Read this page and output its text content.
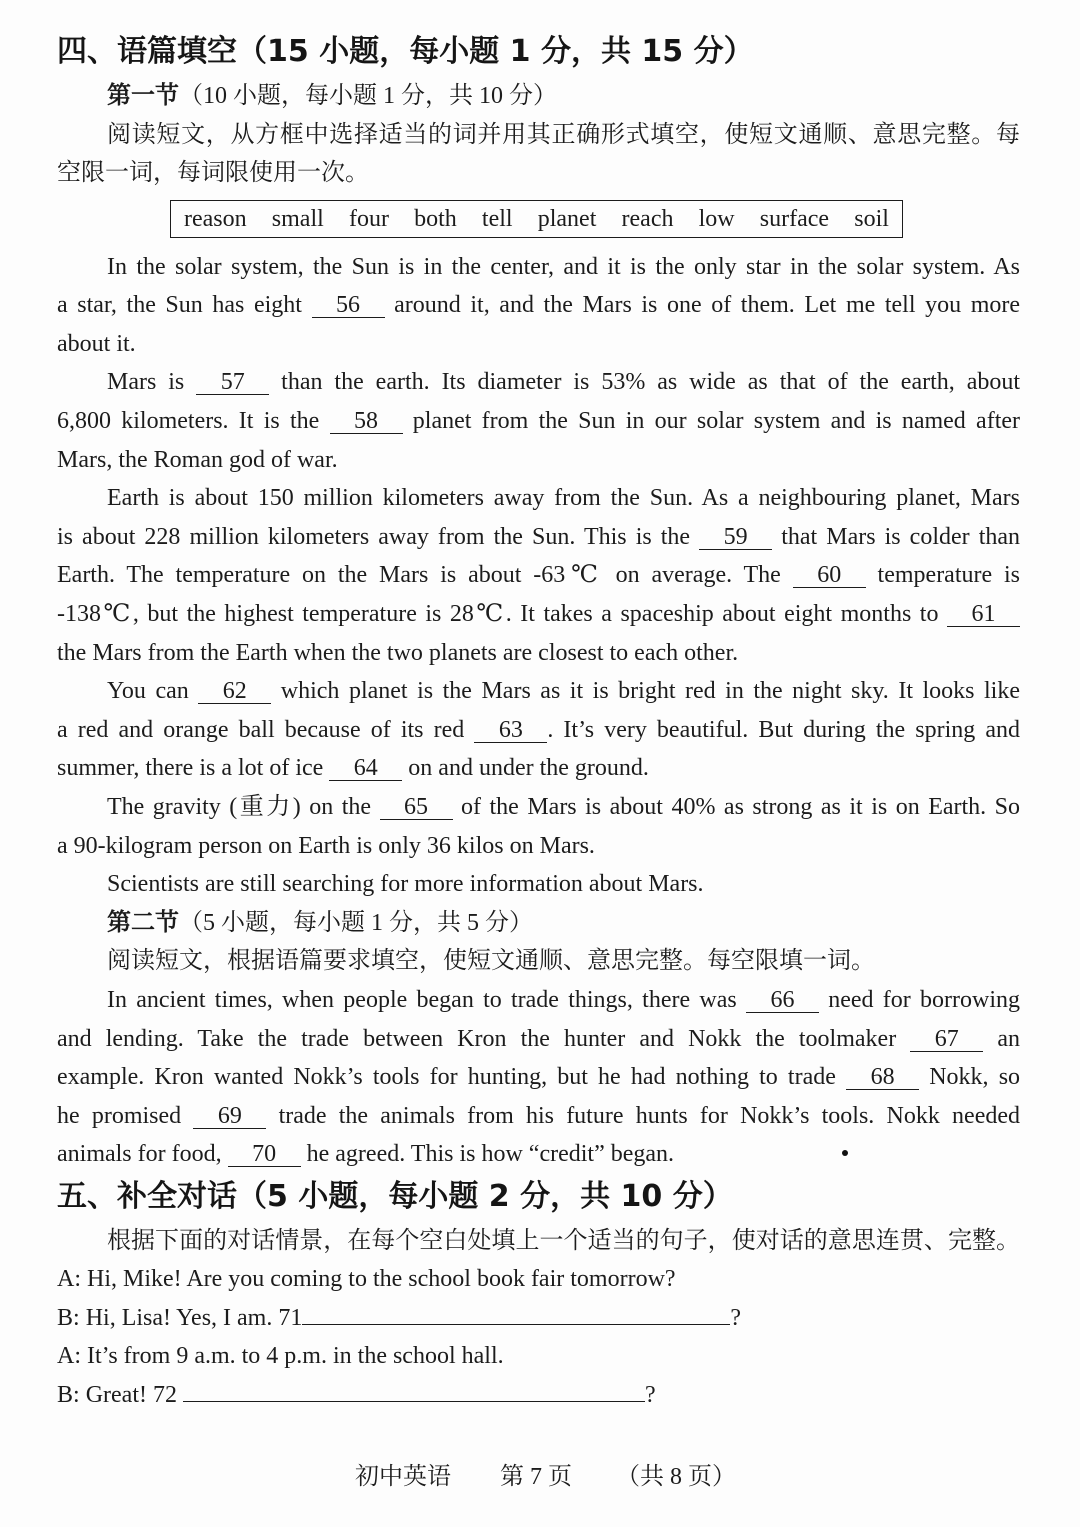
四、语篇填空（15 小题，每小题 1 分，共 15 分）
第一节（10 小题，每小题 1 分，共 10 分）
阅读短文，从方框中选择适当的词并用其正确形式填空，使短文通顺、意思完整。每
空限一词，每词限使用一次。
reason small four both tell planet reach low surface soil
In the solar system, the Sun is in the center, and it is the only star in the solar system. As
a star, the Sun has eight 56 around it, and the Mars is one of them. Let me tell you more
about it.
Mars is 57 than the earth. Its diameter is 53% as wide as that of the earth, about
6,800 kilometers. It is the 58 planet from the Sun in our solar system and is named after
Mars, the Roman god of war.
Earth is about 150 million kilometers away from the Sun. As a neighbouring planet, Mars
is about 228 million kilometers away from the Sun. This is the 59 that Mars is colder than
Earth. The temperature on the Mars is about -63℃ on average. The 60 temperature is
-138℃, but the highest temperature is 28℃. It takes a spaceship about eight months to 61
the Mars from the Earth when the two planets are closest to each other.
You can 62 which planet is the Mars as it is bright red in the night sky. It looks like
a red and orange ball because of its red 63 . It’s very beautiful. But during the spring and
summer, there is a lot of ice 64 on and under the ground.
The gravity (重力) on the 65 of the Mars is about 40% as strong as it is on Earth. So
a 90-kilogram person on Earth is only 36 kilos on Mars.
Scientists are still searching for more information about Mars.
第二节（5 小题，每小题 1 分，共 5 分）
阅读短文，根据语篇要求填空，使短文通顺、意思完整。每空限填一词。
In ancient times, when people began to trade things, there was 66 need for borrowing
and lending. Take the trade between Kron the hunter and Nokk the toolmaker 67 an
example. Kron wanted Nokk’s tools for hunting, but he had nothing to trade 68 Nokk, so
he promised 69 trade the animals from his future hunts for Nokk’s tools. Nokk needed
animals for food, 70 he agreed. This is how “credit” began.
五、补全对话（5 小题，每小题 2 分，共 10 分）
根据下面的对话情景，在每个空白处填上一个适当的句子，使对话的意思连贯、完整。
A: Hi, Mike! Are you coming to the school book fair tomorrow?
B: Hi, Lisa! Yes, I am. 71	?
A: It’s from 9 a.m. to 4 p.m. in the school hall.
B: Great! 72	?
初中英语 第 7 页 （共 8 页）
